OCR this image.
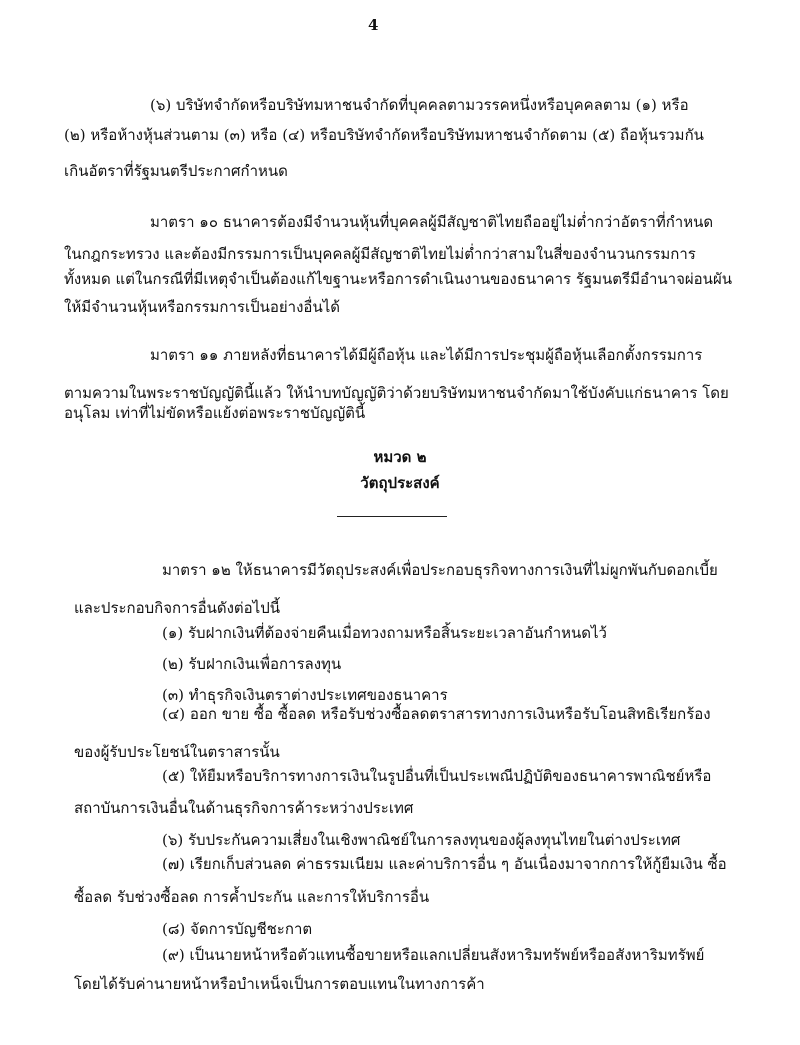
4
(๖) บริษัทจำกัดหรือบริษัทมหาชนจำกัดที่บุคคลตามวรรคหนึ่งหรือบุคคลตาม (๑) หรือ
(๒) หรือห้างหุ้นส่วนตาม (๓) หรือ (๔) หรือบริษัทจำกัดหรือบริษัทมหาชนจำกัดตาม (๕) ถือหุ้นรวมกัน
เกินอัตราที่รัฐมนตรีประกาศกำหนด
มาตรา ๑๐ ธนาคารต้องมีจำนวนหุ้นที่บุคคลผู้มีสัญชาติไทยถืออยู่ไม่ต่ำกว่าอัตราที่กำหนด
ในกฎกระทรวง และต้องมีกรรมการเป็นบุคคลผู้มีสัญชาติไทยไม่ต่ำกว่าสามในสี่ของจำนวนกรรมการ
ทั้งหมด แต่ในกรณีที่มีเหตุจำเป็นต้องแก้ไขฐานะหรือการดำเนินงานของธนาคาร รัฐมนตรีมีอำนาจผ่อนผัน
ให้มีจำนวนหุ้นหรือกรรมการเป็นอย่างอื่นได้
มาตรา ๑๑ ภายหลังที่ธนาคารได้มีผู้ถือหุ้น และได้มีการประชุมผู้ถือหุ้นเลือกตั้งกรรมการ
ตามความในพระราชบัญญัตินี้แล้ว ให้นำบทบัญญัติว่าด้วยบริษัทมหาชนจำกัดมาใช้บังคับแก่ธนาคาร โดย
อนุโลม เท่าที่ไม่ขัดหรือแย้งต่อพระราชบัญญัตินี้
หมวด ๒
วัตถุประสงค์
มาตรา ๑๒ ให้ธนาคารมีวัตถุประสงค์เพื่อประกอบธุรกิจทางการเงินที่ไม่ผูกพันกับดอกเบี้ย
และประกอบกิจการอื่นดังต่อไปนี้
(๑) รับฝากเงินที่ต้องจ่ายคืนเมื่อทวงถามหรือสิ้นระยะเวลาอันกำหนดไว้
(๒) รับฝากเงินเพื่อการลงทุน
(๓) ทำธุรกิจเงินตราต่างประเทศของธนาคาร
(๔) ออก ขาย ซื้อ ซื้อลด หรือรับช่วงซื้อลดตราสารทางการเงินหรือรับโอนสิทธิเรียกร้อง
ของผู้รับประโยชน์ในตราสารนั้น
(๕) ให้ยืมหรือบริการทางการเงินในรูปอื่นที่เป็นประเพณีปฏิบัติของธนาคารพาณิชย์หรือ
สถาบันการเงินอื่นในด้านธุรกิจการค้าระหว่างประเทศ
(๖) รับประกันความเสี่ยงในเชิงพาณิชย์ในการลงทุนของผู้ลงทุนไทยในต่างประเทศ
(๗) เรียกเก็บส่วนลด ค่าธรรมเนียม และค่าบริการอื่น ๆ อันเนื่องมาจากการให้กู้ยืมเงิน ซื้อ
ซื้อลด รับช่วงซื้อลด การค้ำประกัน และการให้บริการอื่น
(๘) จัดการบัญชีชะกาต
(๙) เป็นนายหน้าหรือตัวแทนซื้อขายหรือแลกเปลี่ยนสังหาริมทรัพย์หรืออสังหาริมทรัพย์
โดยได้รับค่านายหน้าหรือบำเหน็จเป็นการตอบแทนในทางการค้า
